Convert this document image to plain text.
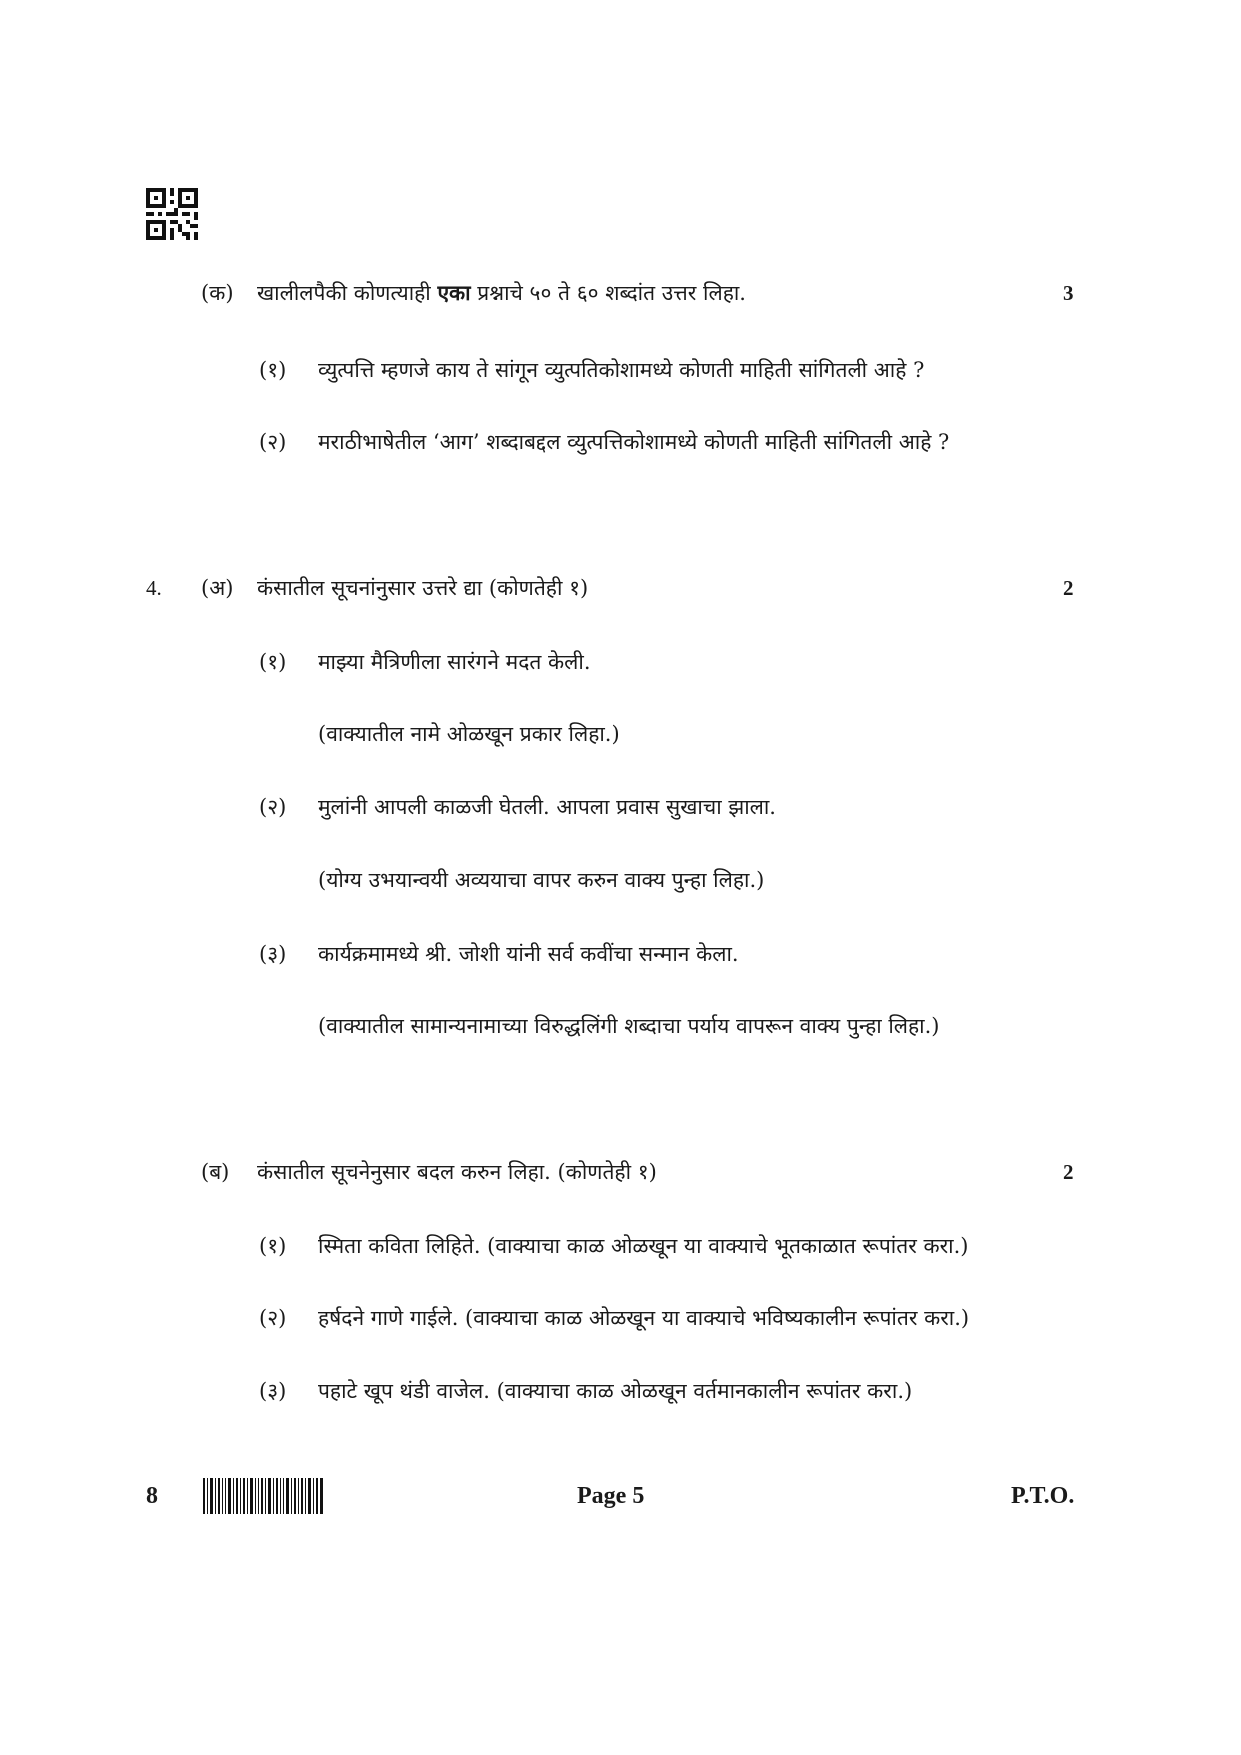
(क) खालीलपैकी कोणत्याही एका प्रश्नाचे ५० ते ६० शब्दांत उत्तर लिहा.	3
(१) व्युत्पत्ति म्हणजे काय ते सांगून व्युत्पतिकोशामध्ये कोणती माहिती सांगितली आहे ?
(२) मराठीभाषेतील ‘आग’ शब्दाबद्दल व्युत्पत्तिकोशामध्ये कोणती माहिती सांगितली आहे ?
4. (अ) कंसातील सूचनांनुसार उत्तरे द्या (कोणतेही १)	2
(१) माझ्या मैत्रिणीला सारंगने मदत केली.
(वाक्यातील नामे ओळखून प्रकार लिहा.)
(२) मुलांनी आपली काळजी घेतली. आपला प्रवास सुखाचा झाला.
(योग्य उभयान्वयी अव्ययाचा वापर करुन वाक्य पुन्हा लिहा.)
(३) कार्यक्रमामध्ये श्री. जोशी यांनी सर्व कवींचा सन्मान केला.
(वाक्यातील सामान्यनामाच्या विरुद्धलिंगी शब्दाचा पर्याय वापरून वाक्य पुन्हा लिहा.)
(ब) कंसातील सूचनेनुसार बदल करुन लिहा. (कोणतेही १)	2
(१) स्मिता कविता लिहिते. (वाक्याचा काळ ओळखून या वाक्याचे भूतकाळात रूपांतर करा.)
(२) हर्षदने गाणे गाईले. (वाक्याचा काळ ओळखून या वाक्याचे भविष्यकालीन रूपांतर करा.)
(३) पहाटे खूप थंडी वाजेल. (वाक्याचा काळ ओळखून वर्तमानकालीन रूपांतर करा.)
8	Page 5	P.T.O.
